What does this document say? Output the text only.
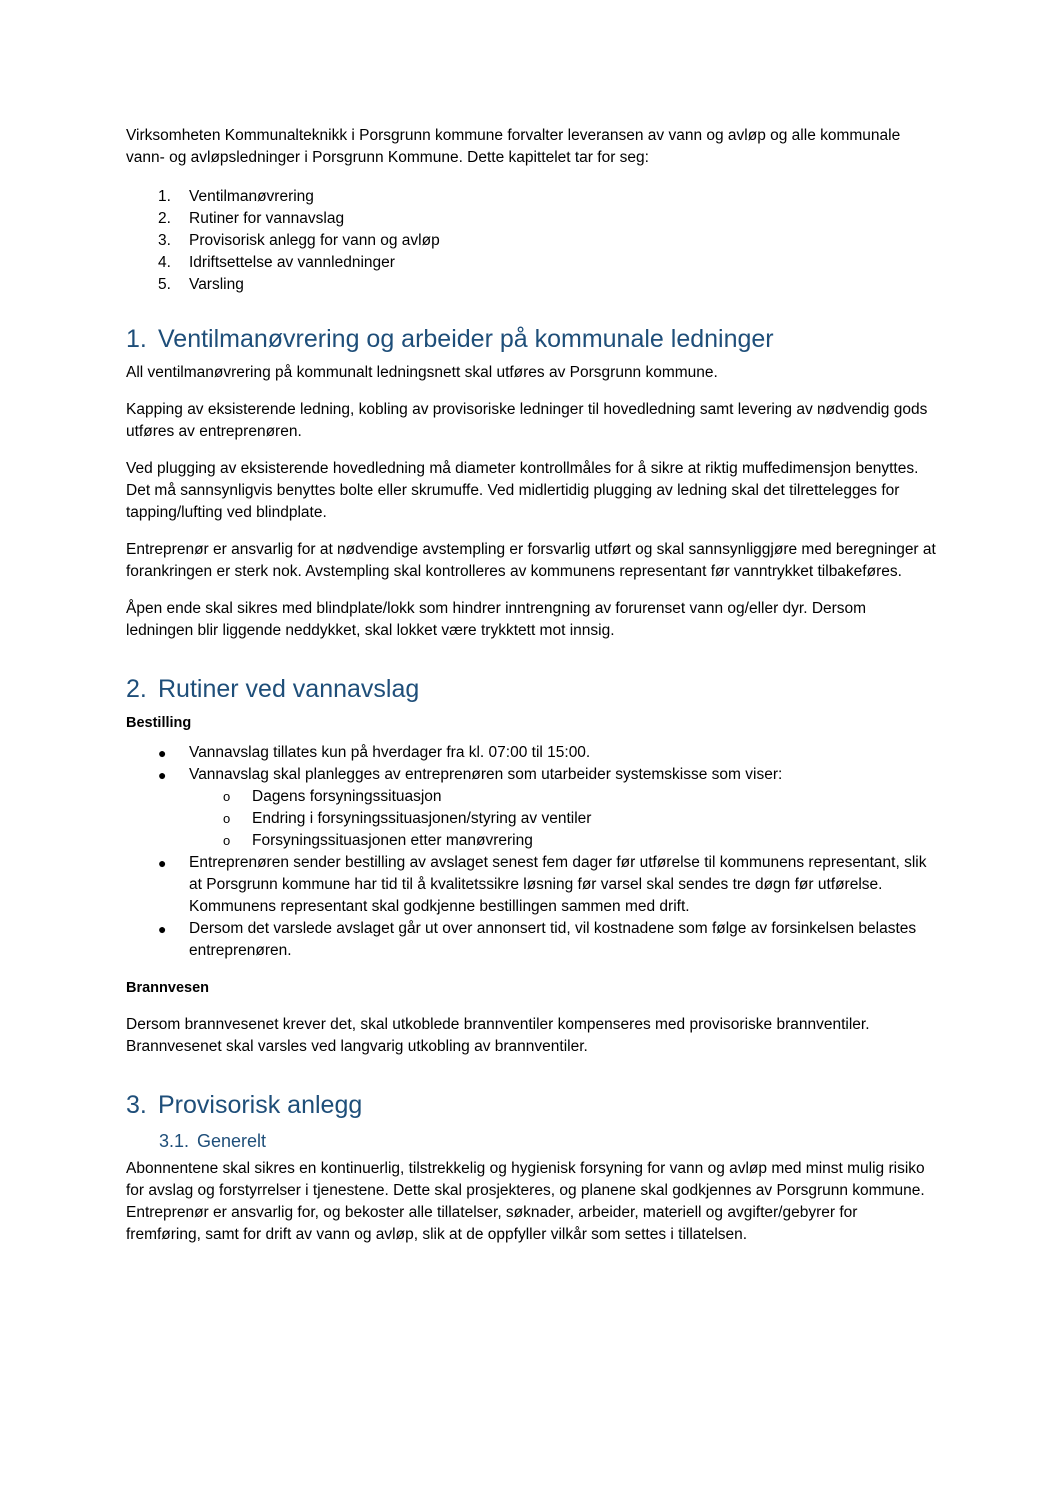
Virksomheten Kommunalteknikk i Porsgrunn kommune forvalter leveransen av vann og avløp og alle kommunale vann- og avløpsledninger i Porsgrunn Kommune. Dette kapittelet tar for seg:

1. Ventilmanøvrering
2. Rutiner for vannavslag
3. Provisorisk anlegg for vann og avløp
4. Idriftsettelse av vannledninger
5. Varsling
1. Ventilmanøvrering og arbeider på kommunale ledninger

All ventilmanøvrering på kommunalt ledningsnett skal utføres av Porsgrunn kommune.

Kapping av eksisterende ledning, kobling av provisoriske ledninger til hovedledning samt levering av nødvendig gods utføres av entreprenøren.

Ved plugging av eksisterende hovedledning må diameter kontrollmåles for å sikre at riktig muffedimensjon benyttes. Det må sannsynligvis benyttes bolte eller skrumuffe. Ved midlertidig plugging av ledning skal det tilrettelegges for tapping/lufting ved blindplate.

Entreprenør er ansvarlig for at nødvendige avstempling er forsvarlig utført og skal sannsynliggjøre med beregninger at forankringen er sterk nok. Avstempling skal kontrolleres av kommunens representant før vanntrykket tilbakeføres.

Åpen ende skal sikres med blindplate/lokk som hindrer inntrengning av forurenset vann og/eller dyr. Dersom ledningen blir liggende neddykket, skal lokket være trykktett mot innsig.

2. Rutiner ved vannavslag

Bestilling

● Vannavslag tillates kun på hverdager fra kl. 07:00 til 15:00.
● Vannavslag skal planlegges av entreprenøren som utarbeider systemskisse som viser:
o Dagens forsyningssituasjon
o Endring i forsyningssituasjonen/styring av ventiler
o Forsyningssituasjonen etter manøvrering
● Entreprenøren sender bestilling av avslaget senest fem dager før utførelse til kommunens representant, slik at Porsgrunn kommune har tid til å kvalitetssikre løsning før varsel skal sendes tre døgn før utførelse. Kommunens representant skal godkjenne bestillingen sammen med drift.
● Dersom det varslede avslaget går ut over annonsert tid, vil kostnadene som følge av forsinkelsen belastes entreprenøren.

Brannvesen

Dersom brannvesenet krever det, skal utkoblede brannventiler kompenseres med provisoriske brannventiler. Brannvesenet skal varsles ved langvarig utkobling av brannventiler.

3. Provisorisk anlegg
3.1. Generelt

Abonnentene skal sikres en kontinuerlig, tilstrekkelig og hygienisk forsyning for vann og avløp med minst mulig risiko for avslag og forstyrrelser i tjenestene. Dette skal prosjekteres, og planene skal godkjennes av Porsgrunn kommune. Entreprenør er ansvarlig for, og bekoster alle tillatelser, søknader, arbeider, materiell og avgifter/gebyrer for fremføring, samt for drift av vann og avløp, slik at de oppfyller vilkår som settes i tillatelsen.
